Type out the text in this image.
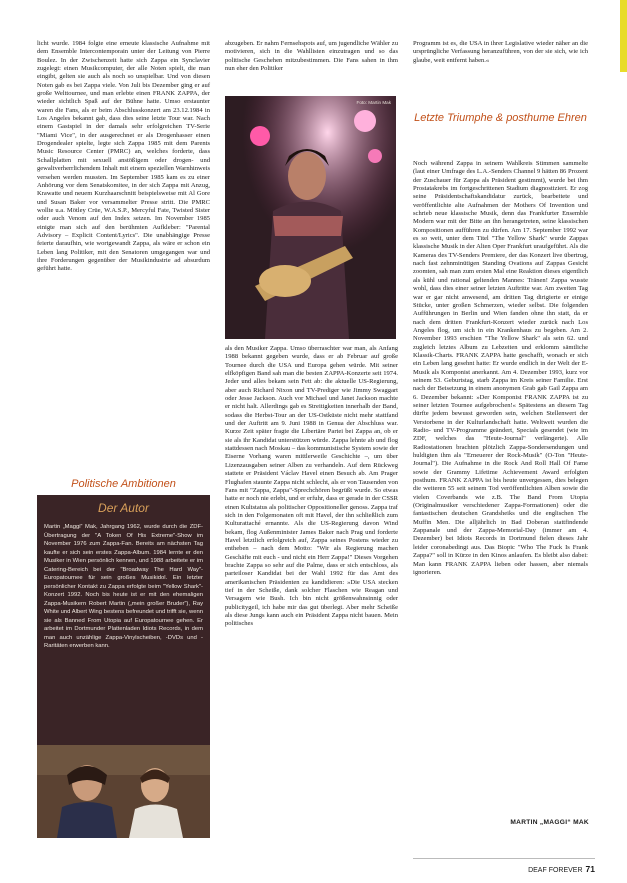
licht wurde. 1984 folgte eine erneute klassische Aufnahme mit dem Ensemble Intercontemporain unter der Leitung von Pierre Boulez. In der Zwischenzeit hatte sich Zappa ein Synclavier zugelegt: einen Musikcomputer, der alle Noten spielt, die man eingibt, gelten sie auch als noch so unspielbar. Und von diesen Noten gab es bei Zappa viele. Von Juli bis Dezember ging er auf große Welttournee, und man erlebte einen FRANK ZAPPA, der wieder sichtlich Spaß auf der Bühne hatte. Umso erstaunter waren die Fans, als er beim Abschlusskonzert am 23.12.1984 in Los Angeles bekannt gab, dass dies seine letzte Tour war. Nach einem Gastspiel in der damals sehr erfolgreichen TV-Serie "Miami Vice", in der ausgerechnet er als Drogenhasser einen Drogendealer spielte, legte sich Zappa 1985 mit dem Parents Music Resource Center (PMRC) an, welches forderte, dass Schallplatten mit sexuell anstößigem oder drogen- und gewaltverherrlichendem Inhalt mit einem speziellen Warnhinweis versehen werden mussten. Im September 1985 kam es zu einer Anhörung vor dem Senatskomitee, in der sich Zappa mit Anzug, Krawatte und neuem Kurzhaarschnitt beispielsweise mit Al Gore und Susan Baker vor versammelter Presse stritt. Die PMRC wollte u.a. Mötley Crüe, W.A.S.P., Mercyful Fate, Twisted Sister oder auch Venom auf den Index setzen. Im November 1985 einigte man sich auf den berühmten Aufkleber: "Parental Advisory – Explicit Content/Lyrics". Die unabhängige Presse feierte daraufhin, wie wortgewandt Zappa, als wäre er schon ein Leben lang Politiker, mit den Senatoren umgegangen war und ihre Forderungen gegenüber der Musikindustrie ad absurdum geführt hatte.

Politische Ambitionen
Der Autor
Martin „Maggi“ Mak, Jahrgang 1962, wurde durch die ZDF-Übertragung der "A Token Of His Extreme"-Show im November 1976 zum Zappa-Fan. Bereits am nächsten Tag kaufte er sich sein erstes Zappa-Album. 1984 lernte er den Musiker in Wien persönlich kennen, und 1988 arbeitete er im Catering-Bereich bei der "Broadway The Hard Way"-Europatournee für sein großes Musikidol. Ein letzter persönlicher Kontakt zu Zappa erfolgte beim "Yellow Shark"-Konzert 1992. Noch bis heute ist er mit den ehemaligen Zappa-Musikern Robert Martin („mein großer Bruder“), Ray White und Albert Wing bestens befreundet und trifft sie, wenn sie als Banned From Utopia auf Europatournee gehen. Er arbeitet im Dortmunder Plattenladen Idiots Records, in dem man auch unzählige Zappa-Vinylscheiben, -DVDs und -Raritäten erwerben kann.

abzugeben. Er nahm Fernsehspots auf, um jugendliche Wähler zu motivieren, sich in die Wahllisten einzutragen und so das politische Geschehen mitzubestimmen. Die Fans sahen in ihm nun eher den Politiker

Foto: Martin Mak

als den Musiker Zappa. Umso überraschter war man, als Anfang 1988 bekannt gegeben wurde, dass er ab Februar auf große Tournee durch die USA und Europa gehen würde. Mit seiner elfköpfigen Band sah man die besten ZAPPA-Konzerte seit 1974. Jeder und alles bekam sein Fett ab: die aktuelle US-Regierung, aber auch Richard Nixon und TV-Prediger wie Jimmy Swaggart oder Jesse Jackson. Auch vor Michael und Janet Jackson machte er nicht halt. Allerdings gab es Streitigkeiten innerhalb der Band, sodass die Herbst-Tour an der US-Ostküste nicht mehr stattfand und der Auftritt am 9. Juni 1988 in Genua der Abschluss war. Kurze Zeit später fragte die Libertäre Partei bei Zappa an, ob er sie als ihr Kandidat unterstützen würde. Zappa lehnte ab und flog stattdessen nach Moskau – das kommunistische System sowie der Eiserne Vorhang waren mittlerweile Geschichte –, um über Lizenzausgaben seiner Alben zu verhandeln. Auf dem Rückweg stattete er Präsident Václav Havel einen Besuch ab. Am Prager Flughafen staunte Zappa nicht schlecht, als er von Tausenden von Fans mit "Zappa, Zappa"-Sprechchören begrüßt wurde. So etwas hatte er noch nie erlebt, und er erfuhr, dass er gerade in der CSSR einen Kultstatus als politischer Oppositioneller genoss. Zappa traf sich in den Folgemonaten oft mit Havel, der ihn schließlich zum Kulturattaché ernannte. Als die US-Regierung davon Wind bekam, flog Außenminister James Baker nach Prag und forderte Havel letztlich erfolgreich auf, Zappa seines Postens wieder zu entheben – nach dem Motto: "Wir als Regierung machen Geschäfte mit euch - und nicht ein Herr Zappa!" Dieses Vorgehen brachte Zappa so sehr auf die Palme, dass er sich entschloss, als parteiloser Kandidat bei der Wahl 1992 für das Amt des amerikanischen Präsidenten zu kandidieren: »Die USA stecken tief in der Scheiße, dank solcher Flaschen wie Reagan und Versagern wie Bush. Ich bin nicht größenwahnsinnig oder publicitygeil, ich habe mir das gut überlegt. Aber mehr Scheiße als diese Jungs kann auch ein Präsident Zappa nicht bauen. Mein politisches

Programm ist es, die USA in ihrer Legislative wieder näher an die ursprüngliche Verfassung heranzuführen, von der sie sich, wie ich glaube, weit entfernt haben.«

Letzte Triumphe & posthume Ehren

Noch während Zappa in seinem Wahlkreis Stimmen sammelte (laut einer Umfrage des L.A.-Senders Channel 9 hätten 86 Prozent der Zuschauer für Zappa als Präsident gestimmt), wurde bei ihm Prostatakrebs im fortgeschrittenen Stadium diagnostiziert. Er zog seine Präsidentschaftskandidatur zurück, bearbeitete und veröffentlichte alte Aufnahmen der Mothers Of Invention und schrieb neue klassische Musik, denn das Frankfurter Ensemble Modern war mit der Bitte an ihn herangetreten, seine klassischen Kompositionen aufführen zu dürfen. Am 17. September 1992 war es so weit, unter dem Titel "The Yellow Shark" wurde Zappas klassische Musik in der Alten Oper Frankfurt uraufgeführt. Als die Kameras des TV-Senders Premiere, der das Konzert live übertrug, nach fast zehnminütigen Standing Ovations auf Zappas Gesicht zoomten, sah man zum ersten Mal eine Reaktion dieses eigentlich als kühl und rational geltenden Mannes: Tränen! Zappa wusste wohl, dass dies einer seiner letzten Auftritte war. Am zweiten Tag war er gar nicht anwesend, am dritten Tag dirigierte er einige Stücke, unter großen Schmerzen, wieder selbst. Die folgenden Aufführungen in Berlin und Wien fanden ohne ihn statt, da er nach dem dritten Frankfurt-Konzert wieder zurück nach Los Angeles flog, um sich in ein Krankenhaus zu begeben. Am 2. November 1993 erschien "The Yellow Shark" als sein 62. und zugleich letztes Album zu Lebzeiten und erklomm sämtliche Klassik-Charts. FRANK ZAPPA hatte geschafft, wonach er sich ein Leben lang gesehnt hatte: Er wurde endlich in der Welt der E-Musik als Komponist anerkannt. Am 4. Dezember 1993, kurz vor seinem 53. Geburtstag, starb Zappa im Kreis seiner Familie. Erst nach der Beisetzung in einem anonymen Grab gab Gail Zappa am 6. Dezember bekannt: »Der Komponist FRANK ZAPPA ist zu seiner letzten Tournee aufgebrochen!« Spätestens an diesem Tag dürfte jedem bewusst geworden sein, welchen Stellenwert der Verstorbene in der Kulturlandschaft hatte. Weltweit wurden die Radio- und TV-Programme geändert, Specials gesendet (wie im ZDF, welches das "Heute-Journal" verlängerte). Alle Radiostationen brachten plötzlich Zappa-Sondersendungen und huldigten ihm als "Erneuerer der Rock-Musik" (O-Ton "Heute-Journal"). Die Aufnahme in die Rock And Roll Hall Of Fame sowie der Grammy Lifetime Achievement Award erfolgten posthum. FRANK ZAPPA ist bis heute unvergessen, dies belegen die weiteren 55 seit seinem Tod veröffentlichten Alben sowie die vielen Coverbands wie z.B. The Band From Utopia (Originalmusiker verschiedener Zappa-Formationen) oder die fantastischen deutschen Grandsheiks und die englischen The Muffin Men. Die alljährlich in Bad Doberan stattfindende Zappanale und der Zappa-Memorial-Day (immer am 4. Dezember) bei Idiots Records in Dortmund fielen dieses Jahr leider coronabedingt aus. Das Biopic "Who The Fuck Is Frank Zappa?" soll in Kürze in den Kinos anlaufen. Es bleibt also dabei: Man kann FRANK ZAPPA lieben oder hassen, aber niemals ignorieren.

MARTIN „MAGGI“ MAK
DEAF FOREVER 71
